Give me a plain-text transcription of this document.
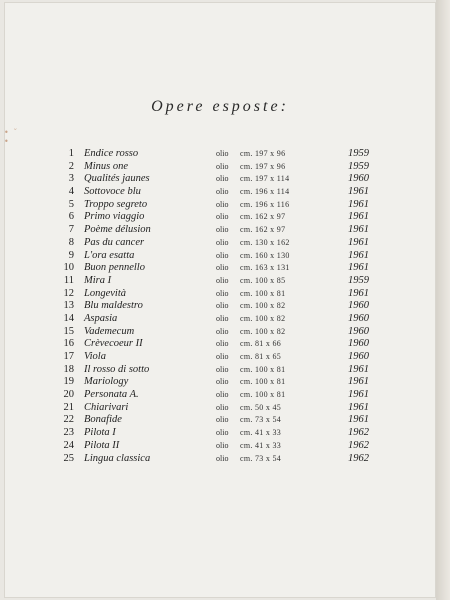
• ˘ •
Opere esposte:
1 Endice rosso	olio cm. 197 x 96	1959
2 Minus one	olio cm. 197 x 96	1959
3 Qualités jaunes	olio cm. 197 x 114	1960
4 Sottovoce blu	olio cm. 196 x 114	1961
5 Troppo segreto	olio cm. 196 x 116	1961
6 Primo viaggio	olio cm. 162 x 97	1961
7 Poème délusion	olio cm. 162 x 97	1961
8 Pas du cancer	olio cm. 130 x 162	1961
9 L'ora esatta	olio cm. 160 x 130	1961
10 Buon pennello	olio cm. 163 x 131	1961
11 Mira I	olio cm. 100 x 85	1959
12 Longevità	olio cm. 100 x 81	1961
13 Blu maldestro	olio cm. 100 x 82	1960
14 Aspasia	olio cm. 100 x 82	1960
15 Vademecum	olio cm. 100 x 82	1960
16 Crèvecoeur II	olio cm. 81 x 66	1960
17 Viola	olio cm. 81 x 65	1960
18 Il rosso di sotto	olio cm. 100 x 81	1961
19 Mariology	olio cm. 100 x 81	1961
20 Personata A.	olio cm. 100 x 81	1961
21 Chiarivari	olio cm. 50 x 45	1961
22 Bonafide	olio cm. 73 x 54	1961
23 Pilota I	olio cm. 41 x 33	1962
24 Pilota II	olio cm. 41 x 33	1962
25 Lingua classica	olio cm. 73 x 54	1962
